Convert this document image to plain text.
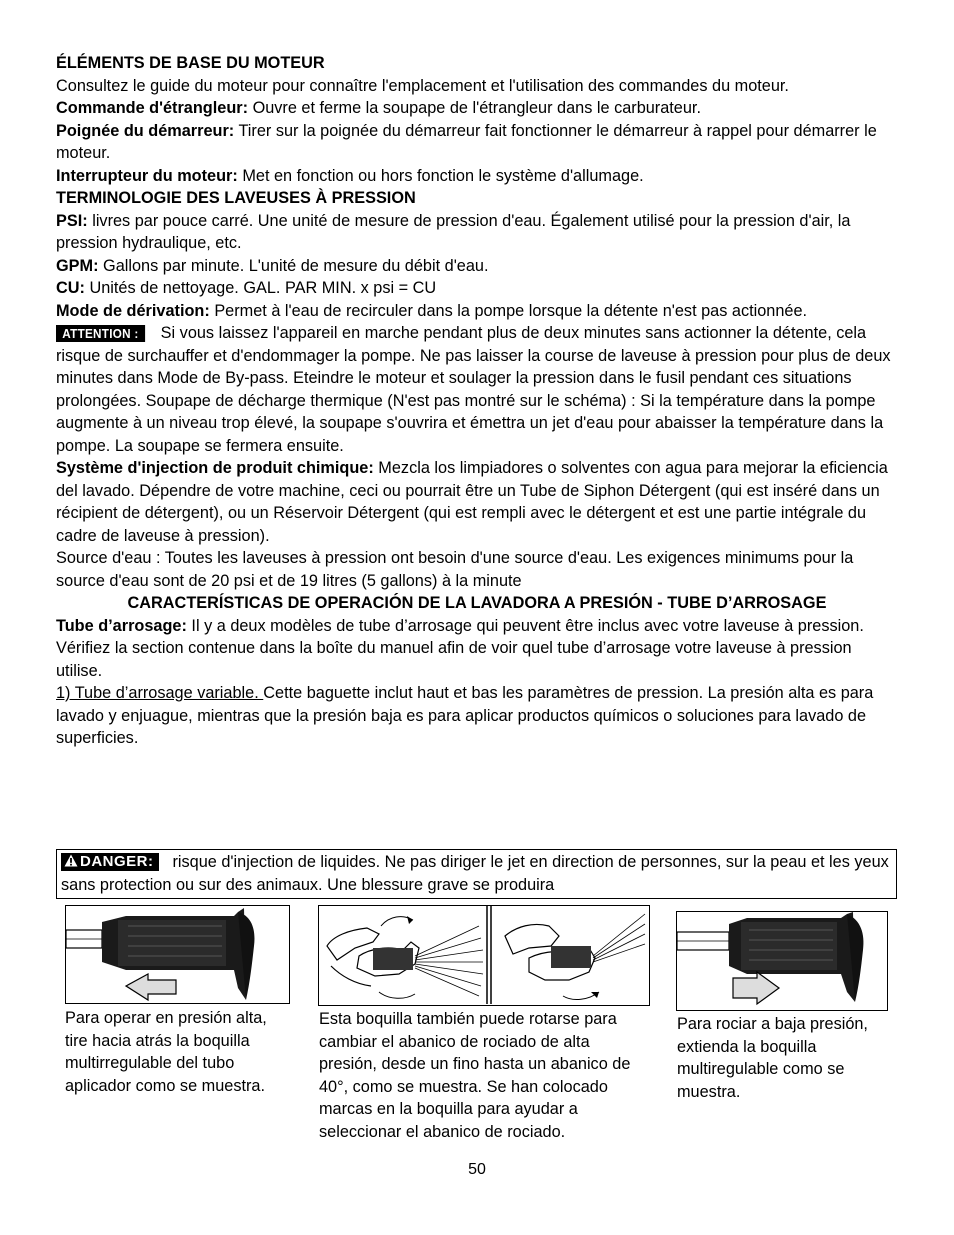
ÉLÉMENTS DE BASE DU MOTEUR

Consultez le guide du moteur pour connaître l'emplacement et l'utilisation des commandes du moteur.

Commande d'étrangleur: Ouvre et ferme la soupape de l'étrangleur dans le carburateur.

Poignée du démarreur: Tirer sur la poignée du démarreur fait fonctionner le démarreur à rappel pour démarrer le moteur.

Interrupteur du moteur: Met en fonction ou hors fonction le système d'allumage.

TERMINOLOGIE DES LAVEUSES À PRESSION

PSI: livres par pouce carré. Une unité de mesure de pression d'eau. Également utilisé pour la pression d'air, la pression hydraulique, etc.

GPM: Gallons par minute. L'unité de mesure du débit d'eau.

CU: Unités de nettoyage. GAL. PAR MIN. x psi = CU

Mode de dérivation: Permet à l'eau de recirculer dans la pompe lorsque la détente n'est pas actionnée.

ATTENTION : Si vous laissez l'appareil en marche pendant plus de deux minutes sans actionner la détente, cela risque de surchauffer et d'endommager la pompe. Ne pas laisser la course de laveuse à pression pour plus de deux minutes dans Mode de By-pass. Eteindre le moteur et soulager la pression dans le fusil pendant ces situations prolongées. Soupape de décharge thermique (N'est pas montré sur le schéma) : Si la température dans la pompe augmente à un niveau trop élevé, la soupape s'ouvrira et émettra un jet d'eau pour abaisser la température dans la pompe. La soupape se fermera ensuite.

Système d'injection de produit chimique: Mezcla los limpiadores o solventes con agua para mejorar la eficiencia del lavado. Dépendre de votre machine, ceci ou pourrait être un Tube de Siphon Détergent (qui est inséré dans un récipient de détergent), ou un Réservoir Détergent (qui est rempli avec le détergent et est une partie intégrale du cadre de laveuse à pression).

Source d'eau : Toutes les laveuses à pression ont besoin d'une source d'eau. Les exigences minimums pour la source d'eau sont de 20 psi et de 19 litres (5 gallons) à la minute

CARACTERÍSTICAS DE OPERACIÓN DE LA LAVADORA A PRESIÓN - TUBE D’ARROSAGE

Tube d’arrosage: Il y a deux modèles de tube d’arrosage qui peuvent être inclus avec votre laveuse à pression. Vérifiez la section contenue dans la boîte du manuel afin de voir quel tube d’arrosage votre laveuse à pression utilise.

1) Tube d’arrosage variable. Cette baguette inclut haut et bas les paramètres de pression. La presión alta es para lavado y enjuague, mientras que la presión baja es para aplicar productos químicos o soluciones para lavado de superficies.

DANGER: risque d'injection de liquides. Ne pas diriger le jet en direction de personnes, sur la peau et les yeux sans protection ou sur des animaux. Une blessure grave se produira
Para operar en presión alta, tire hacia atrás la boquilla multirregulable del tubo aplicador como se muestra.
Esta boquilla también puede rotarse para cambiar el abanico de rociado de alta presión, desde un fino hasta un abanico de 40°, como se muestra. Se han colocado marcas en la boquilla para ayudar a seleccionar el abanico de rociado.
Para rociar a baja presión, extienda la boquilla multiregulable como se muestra.
50
